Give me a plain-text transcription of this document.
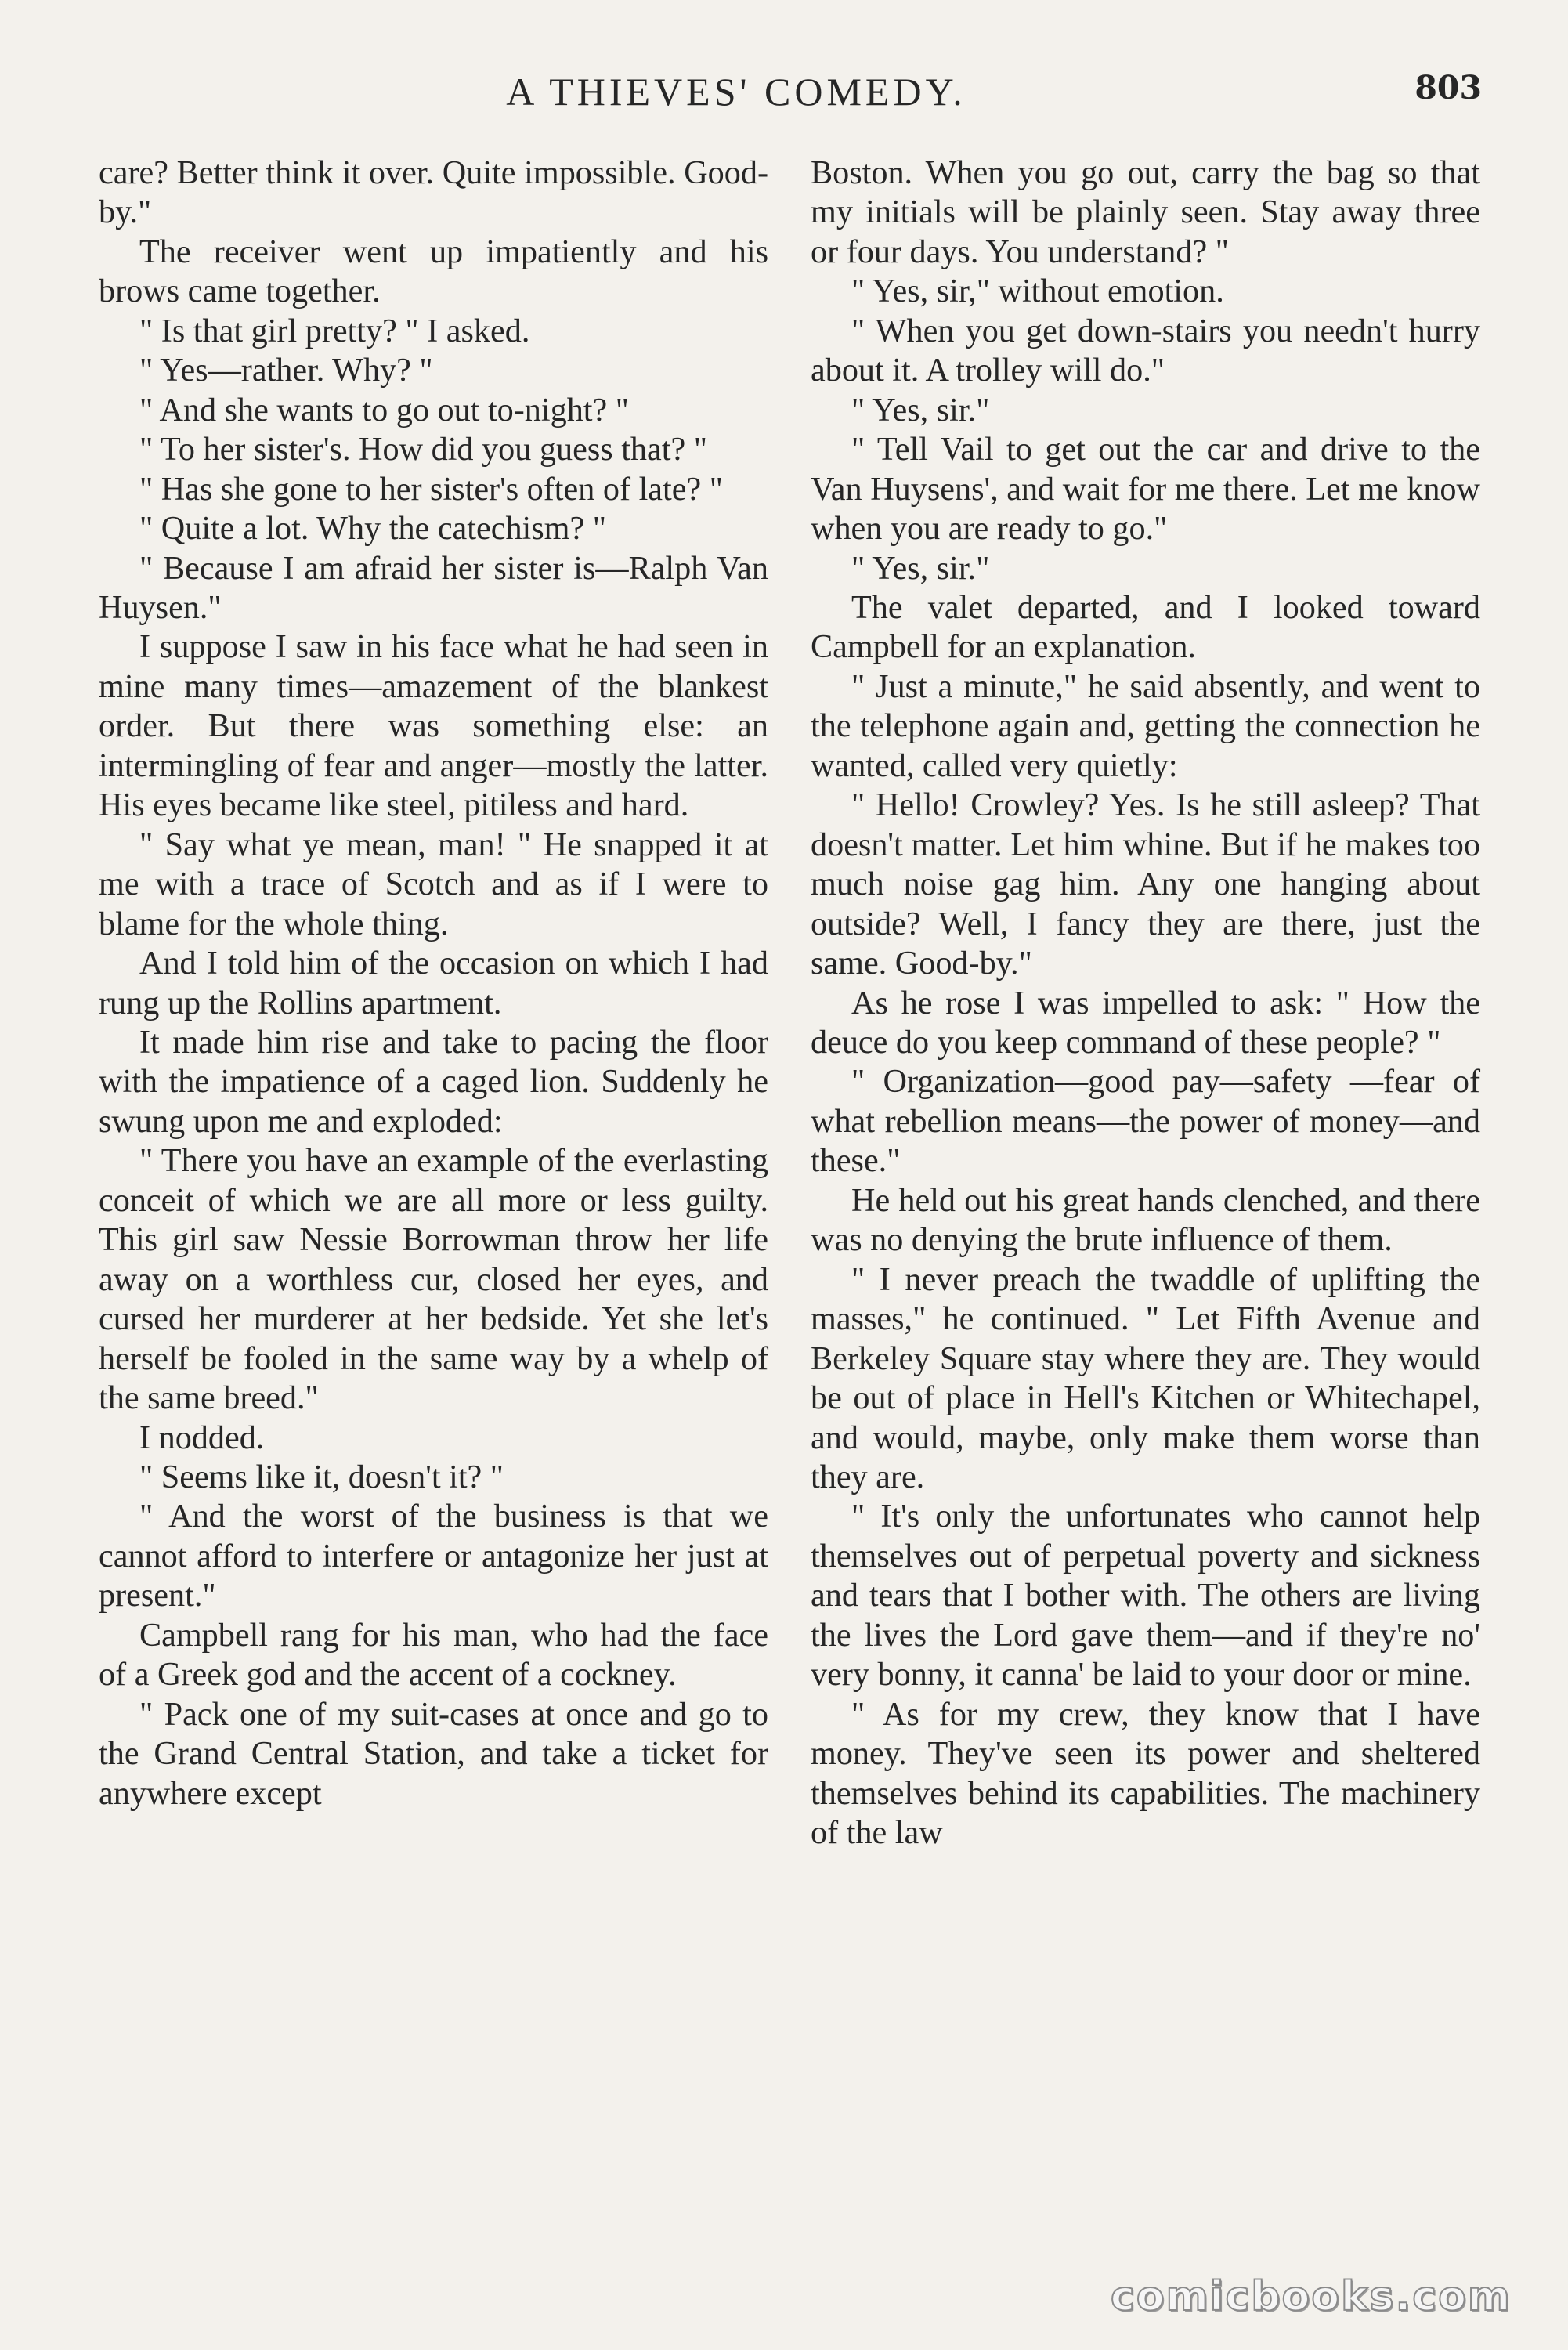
A THIEVES' COMEDY.	803

care? Better think it over. Quite impossible. Good-by."

The receiver went up impatiently and his brows came together.

" Is that girl pretty? " I asked.

" Yes—rather. Why? "

" And she wants to go out to-night? "

" To her sister's. How did you guess that? "

" Has she gone to her sister's often of late? "

" Quite a lot. Why the catechism? "

" Because I am afraid her sister is—Ralph Van Huysen."

I suppose I saw in his face what he had seen in mine many times—amazement of the blankest order. But there was something else: an intermingling of fear and anger—mostly the latter. His eyes became like steel, pitiless and hard.

" Say what ye mean, man! " He snapped it at me with a trace of Scotch and as if I were to blame for the whole thing.

And I told him of the occasion on which I had rung up the Rollins apartment.

It made him rise and take to pacing the floor with the impatience of a caged lion. Suddenly he swung upon me and exploded:

" There you have an example of the everlasting conceit of which we are all more or less guilty. This girl saw Nessie Borrowman throw her life away on a worthless cur, closed her eyes, and cursed her murderer at her bedside. Yet she let's herself be fooled in the same way by a whelp of the same breed."

I nodded.

" Seems like it, doesn't it? "

" And the worst of the business is that we cannot afford to interfere or antagonize her just at present."

Campbell rang for his man, who had the face of a Greek god and the accent of a cockney.

" Pack one of my suit-cases at once and go to the Grand Central Station, and take a ticket for anywhere except

Boston. When you go out, carry the bag so that my initials will be plainly seen. Stay away three or four days. You understand? "

" Yes, sir," without emotion.

" When you get down-stairs you needn't hurry about it. A trolley will do."

" Yes, sir."

" Tell Vail to get out the car and drive to the Van Huysens', and wait for me there. Let me know when you are ready to go."

" Yes, sir."

The valet departed, and I looked toward Campbell for an explanation.

" Just a minute," he said absently, and went to the telephone again and, getting the connection he wanted, called very quietly:

" Hello! Crowley? Yes. Is he still asleep? That doesn't matter. Let him whine. But if he makes too much noise gag him. Any one hanging about outside? Well, I fancy they are there, just the same. Good-by."

As he rose I was impelled to ask: " How the deuce do you keep command of these people? "

" Organization—good pay—safety —fear of what rebellion means—the power of money—and these."

He held out his great hands clenched, and there was no denying the brute influence of them.

" I never preach the twaddle of uplifting the masses," he continued. " Let Fifth Avenue and Berkeley Square stay where they are. They would be out of place in Hell's Kitchen or Whitechapel, and would, maybe, only make them worse than they are.

" It's only the unfortunates who cannot help themselves out of perpetual poverty and sickness and tears that I bother with. The others are living the lives the Lord gave them—and if they're no' very bonny, it canna' be laid to your door or mine.

" As for my crew, they know that I have money. They've seen its power and sheltered themselves behind its capabilities. The machinery of the law

comicbooks.com
